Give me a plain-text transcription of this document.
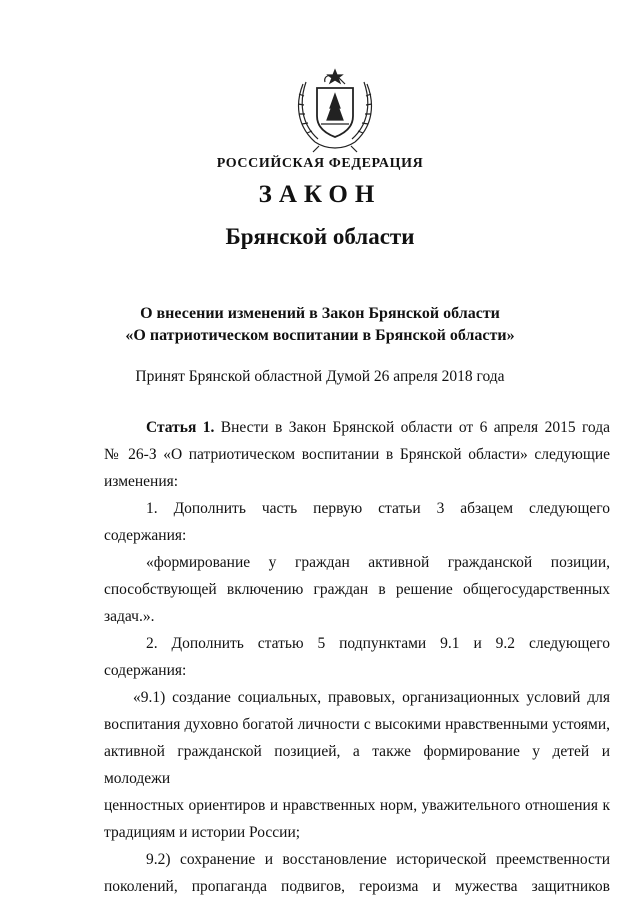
РОССИЙСКАЯ ФЕДЕРАЦИЯ
ЗАКОН
Брянской области
О внесении изменений в Закон Брянской области
«О патриотическом воспитании в Брянской области»
Принят Брянской областной Думой 26 апреля 2018 года

Статья 1. Внести в Закон Брянской области от 6 апреля 2015 года

№ 26-З «О патриотическом воспитании в Брянской области» следующие

изменения:

1. Дополнить часть первую статьи 3 абзацем следующего содержания:

«формирование у граждан активной гражданской позиции,

способствующей включению граждан в решение общегосударственных

задач.».

2. Дополнить статью 5 подпунктами 9.1 и 9.2 следующего содержания:

«9.1) создание социальных, правовых, организационных условий для

воспитания духовно богатой личности с высокими нравственными устоями,

активной гражданской позицией, а также формирование у детей и молодежи

ценностных ориентиров и нравственных норм, уважительного отношения к

традициям и истории России;

9.2) сохранение и восстановление исторической преемственности

поколений, пропаганда подвигов, героизма и мужества защитников
